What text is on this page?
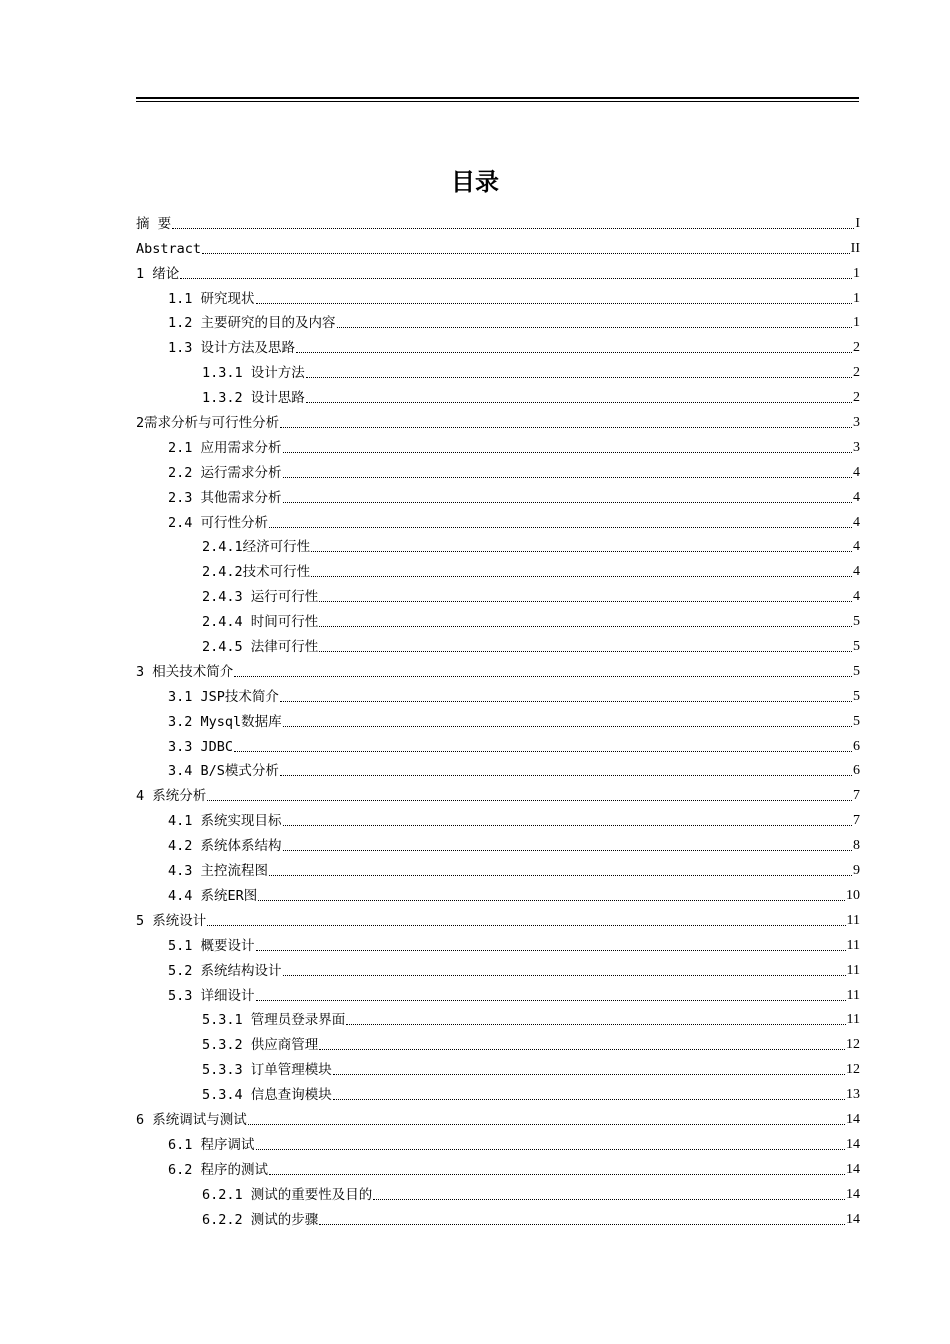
目录
摘 要	I
Abstract	II
1 绪论	1
1.1 研究现状	1
1.2 主要研究的目的及内容	1
1.3 设计方法及思路	2
1.3.1 设计方法	2
1.3.2 设计思路	2
2需求分析与可行性分析	3
2.1 应用需求分析	3
2.2 运行需求分析	4
2.3 其他需求分析	4
2.4 可行性分析	4
2.4.1经济可行性	4
2.4.2技术可行性	4
2.4.3 运行可行性	4
2.4.4 时间可行性	5
2.4.5 法律可行性	5
3 相关技术简介	5
3.1 JSP技术简介	5
3.2 Mysql数据库	5
3.3 JDBC	6
3.4 B/S模式分析	6
4 系统分析	7
4.1 系统实现目标	7
4.2 系统体系结构	8
4.3 主控流程图	9
4.4 系统ER图	10
5 系统设计	11
5.1 概要设计	11
5.2 系统结构设计	11
5.3 详细设计	11
5.3.1 管理员登录界面	11
5.3.2 供应商管理	12
5.3.3 订单管理模块	12
5.3.4 信息查询模块	13
6 系统调试与测试	14
6.1 程序调试	14
6.2 程序的测试	14
6.2.1 测试的重要性及目的	14
6.2.2 测试的步骤	14
